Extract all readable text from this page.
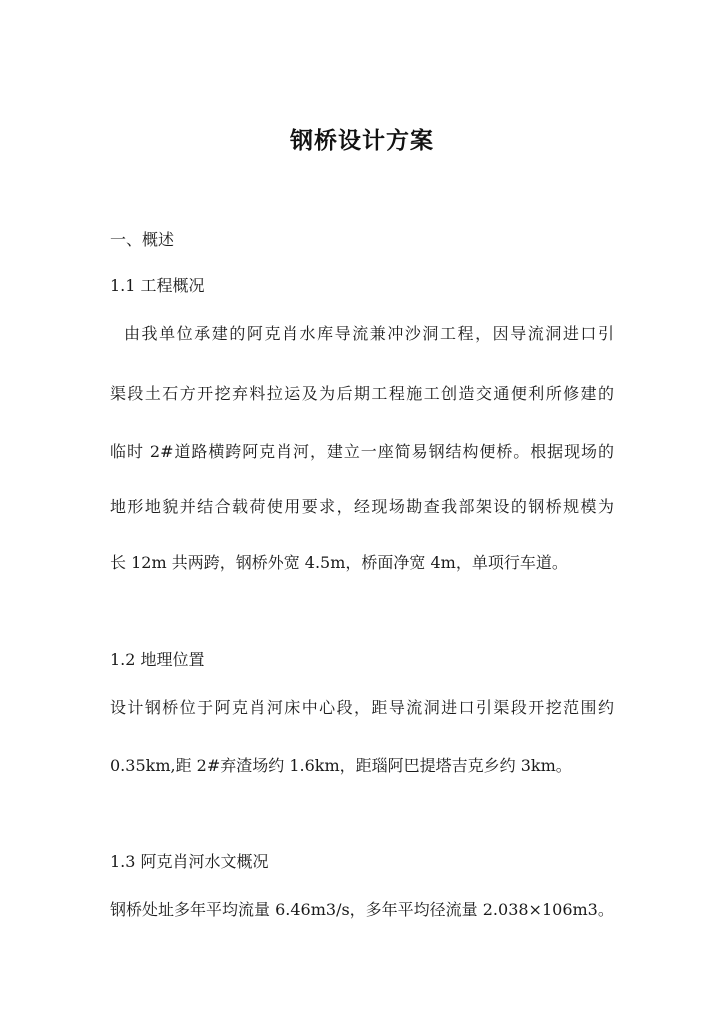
钢桥设计方案

一、概述

1.1 工程概况

由我单位承建的阿克肖水库导流兼冲沙洞工程，因导流洞进口引

渠段土石方开挖弃料拉运及为后期工程施工创造交通便利所修建的

临时 2#道路横跨阿克肖河，建立一座简易钢结构便桥。根据现场的

地形地貌并结合载荷使用要求，经现场勘查我部架设的钢桥规模为

长 12m 共两跨，钢桥外宽 4.5m，桥面净宽 4m，单项行车道。

1.2 地理位置

设计钢桥位于阿克肖河床中心段，距导流洞进口引渠段开挖范围约

0.35km,距 2#弃渣场约 1.6km，距瑙阿巴提塔吉克乡约 3km。

1.3 阿克肖河水文概况

钢桥处址多年平均流量 6.46m3/s，多年平均径流量 2.038×106m3。
